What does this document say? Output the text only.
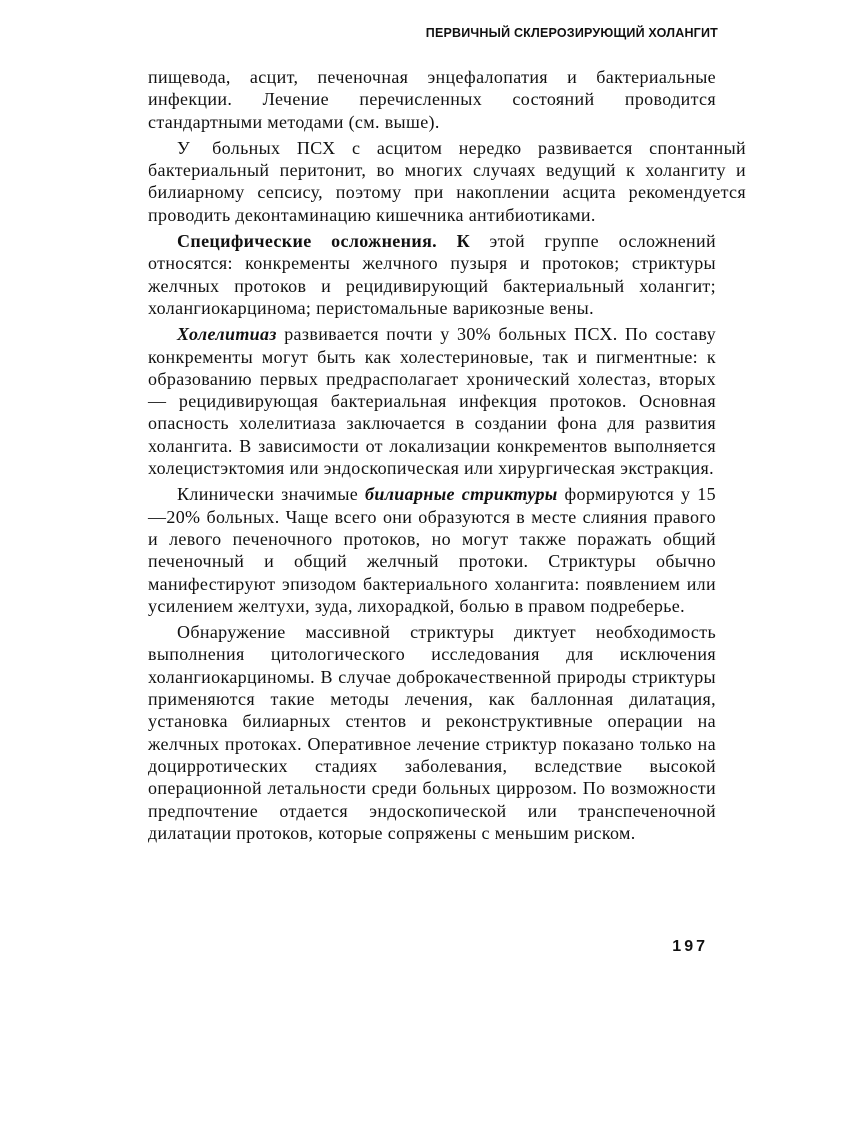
ПЕРВИЧНЫЙ СКЛЕРОЗИРУЮЩИЙ ХОЛАНГИТ

пищевода, асцит, печеночная энцефалопатия и бактериальные инфекции. Лечение перечисленных состояний проводится стандартными методами (см. выше).

У больных ПСХ с асцитом нередко развивается спонтанный бактериальный перитонит, во многих случаях ведущий к холангиту и билиарному сепсису, поэтому при накоплении асцита рекомендуется проводить деконтаминацию кишечника антибиотиками.

Специфические осложнения. К этой группе осложнений относятся: конкременты желчного пузыря и протоков; стриктуры желчных протоков и рецидивирующий бактериальный холангит; холангиокарцинома; перистомальные варикозные вены.

Холелитиаз развивается почти у 30% больных ПСХ. По составу конкременты могут быть как холестериновые, так и пигментные: к образованию первых предрасполагает хронический холестаз, вторых — рецидивирующая бактериальная инфекция протоков. Основная опасность холелитиаза заключается в создании фона для развития холангита. В зависимости от локализации конкрементов выполняется холецистэктомия или эндоскопическая или хирургическая экстракция.

Клинически значимые билиарные стриктуры формируются у 15—20% больных. Чаще всего они образуются в месте слияния правого и левого печеночного протоков, но могут также поражать общий печеночный и общий желчный протоки. Стриктуры обычно манифестируют эпизодом бактериального холангита: появлением или усилением желтухи, зуда, лихорадкой, болью в правом подреберье.

Обнаружение массивной стриктуры диктует необходимость выполнения цитологического исследования для исключения холангиокарциномы. В случае доброкачественной природы стриктуры применяются такие методы лечения, как баллонная дилатация, установка билиарных стентов и реконструктивные операции на желчных протоках. Оперативное лечение стриктур показано только на доцирротических стадиях заболевания, вследствие высокой операционной летальности среди больных циррозом. По возможности предпочтение отдается эндоскопической или транспеченочной дилатации протоков, которые сопряжены с меньшим риском.

197
